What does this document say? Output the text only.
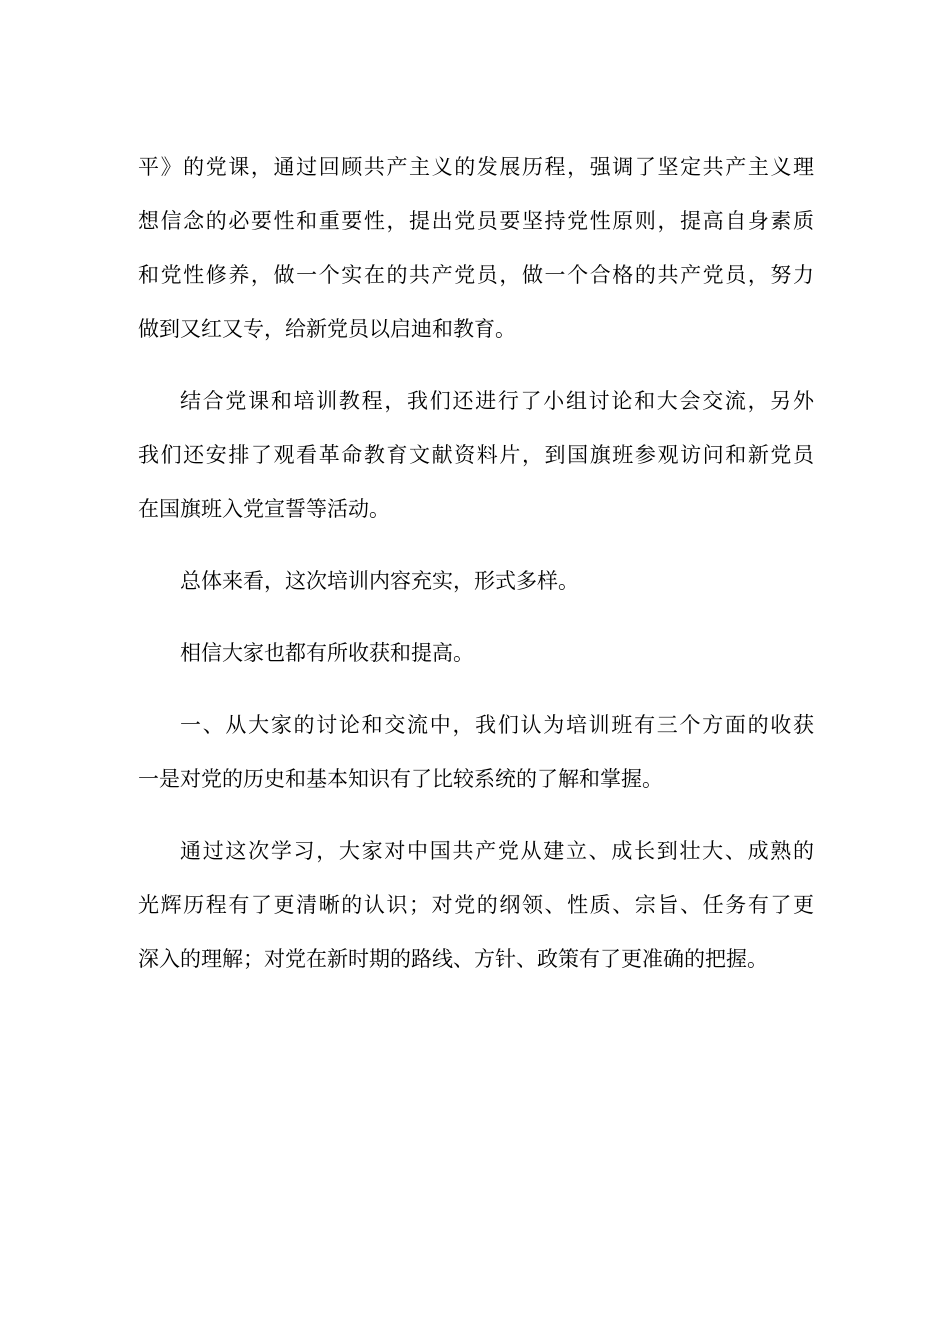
平》的党课，通过回顾共产主义的发展历程，强调了坚定共产主义理
想信念的必要性和重要性，提出党员要坚持党性原则，提高自身素质
和党性修养，做一个实在的共产党员，做一个合格的共产党员，努力
做到又红又专，给新党员以启迪和教育。
结合党课和培训教程，我们还进行了小组讨论和大会交流，另外
我们还安排了观看革命教育文献资料片，到国旗班参观访问和新党员
在国旗班入党宣誓等活动。
总体来看，这次培训内容充实，形式多样。
相信大家也都有所收获和提高。
一、从大家的讨论和交流中，我们认为培训班有三个方面的收获
一是对党的历史和基本知识有了比较系统的了解和掌握。
通过这次学习，大家对中国共产党从建立、成长到壮大、成熟的
光辉历程有了更清晰的认识；对党的纲领、性质、宗旨、任务有了更
深入的理解；对党在新时期的路线、方针、政策有了更准确的把握。
